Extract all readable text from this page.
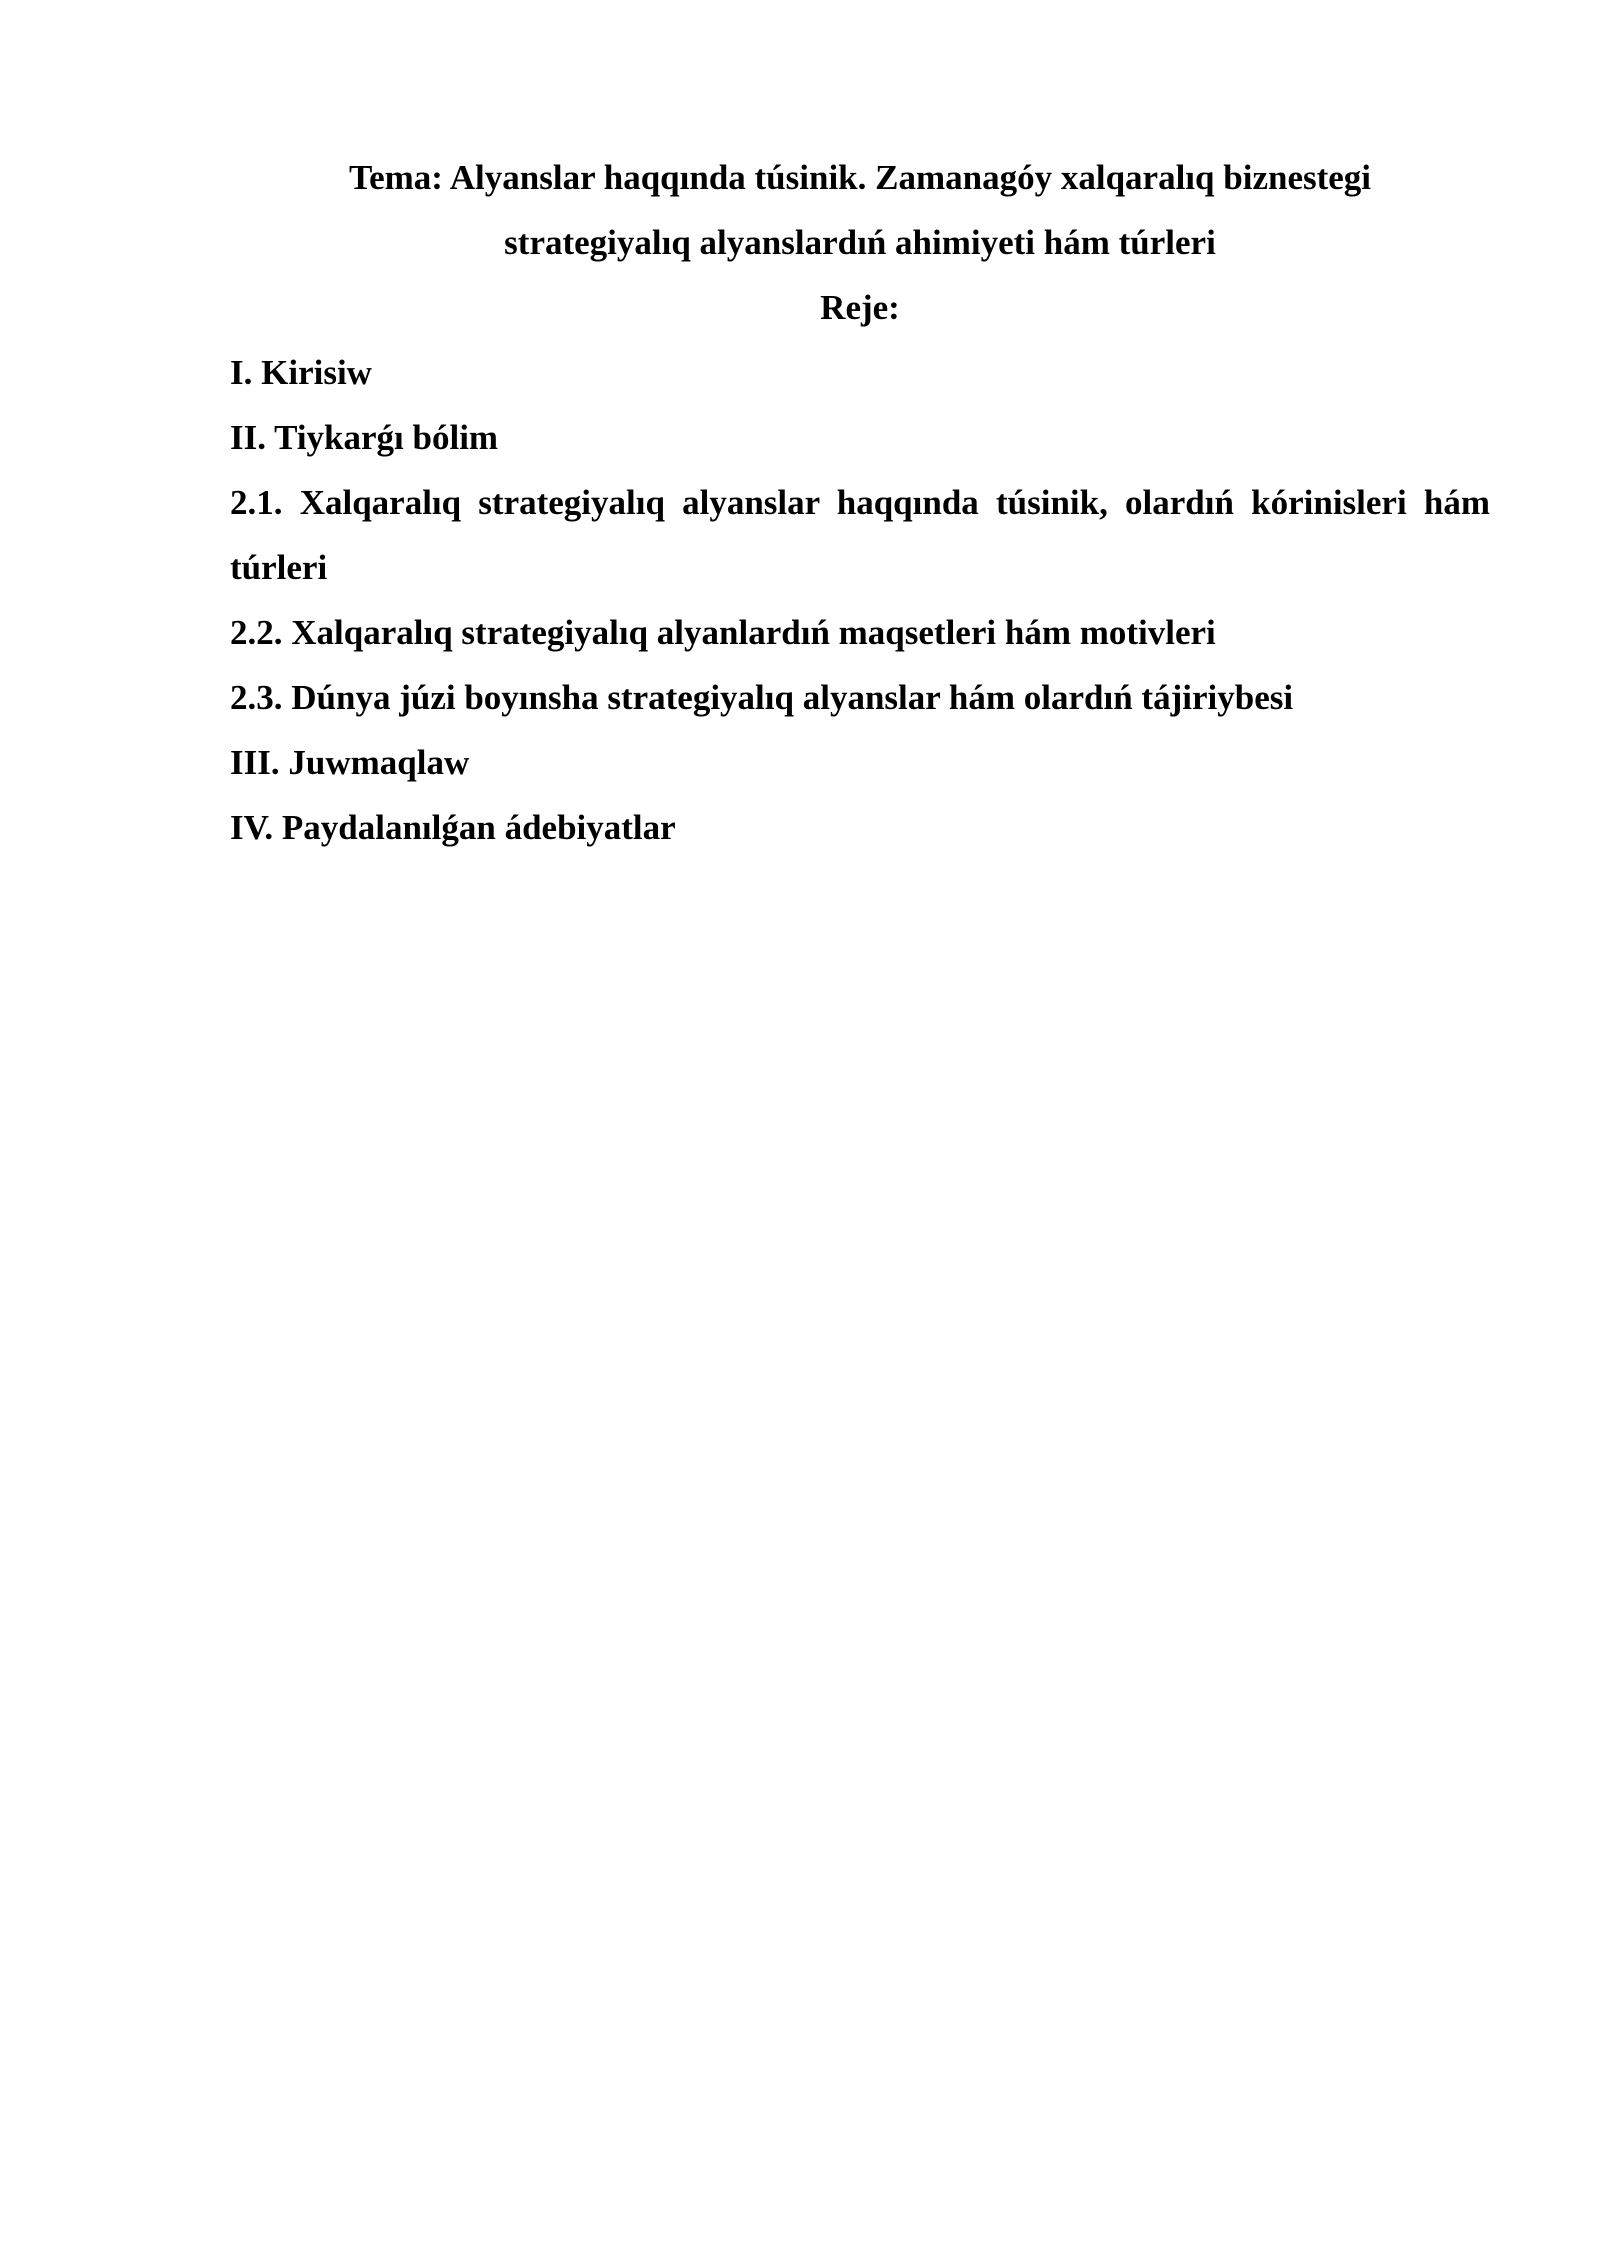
Tema: Alyanslar haqqında túsinik. Zamanagóy xalqaralıq biznestegi

strategiyalıq alyanslardıń ahimiyeti hám túrleri

Reje:

I. Kirisiw

II. Tiykarǵı bólim

2.1. Xalqaralıq strategiyalıq alyanslar haqqında túsinik, olardıń kórinisleri hám túrleri

2.2. Xalqaralıq strategiyalıq alyanlardıń maqsetleri hám motivleri

2.3. Dúnya júzi boyınsha strategiyalıq alyanslar hám olardıń tájiriybesi

III. Juwmaqlaw

IV. Paydalanılǵan ádebiyatlar
